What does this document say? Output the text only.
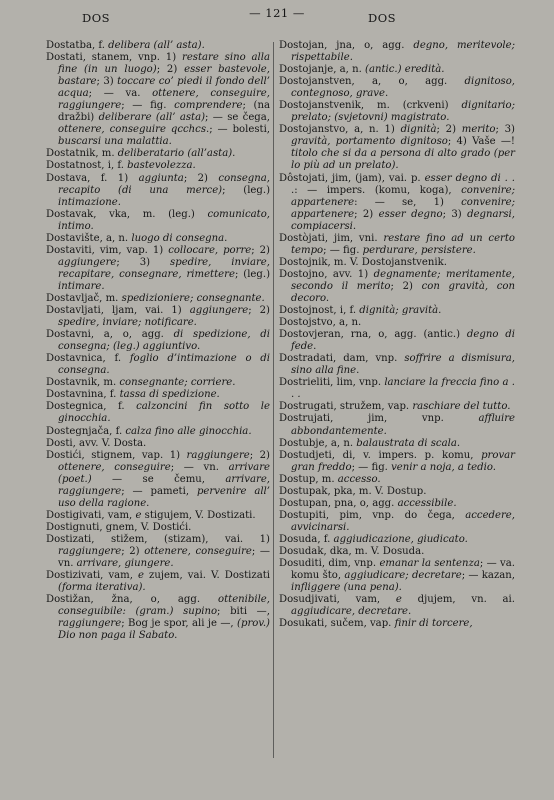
DOS	— 121 —	DOS
Dostatba, f. delibera (all’ asta).
Dostati, stanem, vnp. 1) restare sino alla fine (in un luogo); 2) esser bastevole, bastare; 3) toccare co’ piedi il fondo dell’ acqua; — va. ottenere, conseguire, raggiungere; — fig. comprendere; (na dražbi) deliberare (all’ asta); — se čega, ottenere, conseguire qcchcs.; — bolesti, buscarsi una malattia.
Dostatnik, m. deliberatario (all’asta).
Dostatnost, i, f. bastevolezza.
Dostava, f. 1) aggiunta; 2) consegna, recapito (di una merce); (leg.) intimazione.
Dostavak, vka, m. (leg.) comunicato, intimo.
Dostavište, a, n. luogo di consegna.
Dostaviti, vim, vap. 1) collocare, porre; 2) aggiungere; 3) spedire, inviare, recapitare, consegnare, rimettere; (leg.) intimare.
Dostavljač, m. spedizioniere; consegnante.
Dostavljati, ljam, vai. 1) aggiungere; 2) spedire, inviare; notificare.
Dostavni, a, o, agg. di spedizione, di consegna; (leg.) aggiuntivo.
Dostavnica, f. foglio d’intimazione o di consegna.
Dostavnik, m. consegnante; corriere.
Dostavnina, f. tassa di spedizione.
Dostegnica, f. calzoncini fin sotto le ginocchia.
Dostegnjača, f. calza fino alle ginocchia.
Dosti, avv. V. Dosta.
Dostići, stignem, vap. 1) raggiungere; 2) ottenere, conseguire; — vn. arrivare (poet.) — se čemu, arrivare, raggiungere; — pameti, pervenire all’ uso della ragione.
Dostigivati, vam, e stigujem, V. Dostizati.
Dostignuti, gnem, V. Dostići.
Dostizati, stižem, (stizam), vai. 1) raggiungere; 2) ottenere, conseguire; — vn. arrivare, giungere.
Dostizivati, vam, e zujem, vai. V. Dostizati (forma iterativa).
Dostižan, žna, o, agg. ottenibile, conseguibile: (gram.) supino; biti —, raggiungere; Bog je spor, ali je —, (prov.) Dio non paga il Sabato.
Dostojan, jna, o, agg. degno, meritevole; rispettabile.
Dostojanje, a, n. (antic.) eredità.
Dostojanstven, a, o, agg. dignitoso, contegnoso, grave.
Dostojanstvenik, m. (crkveni) dignitario; prelato; (svjetovni) magistrato.
Dostojanstvo, a, n. 1) dignità; 2) merito; 3) gravità, portamento dignitoso; 4) Vaše —! titolo che si da a persona di alto grado (per lo più ad un prelato).
Dôstojati, jim, (jam), vai. p. esser degno di . . .: — impers. (komu, koga), convenire; appartenere: — se, 1) convenire; appartenere; 2) esser degno; 3) degnarsi, compiacersi.
Dostòjati, jim, vni. restare fino ad un certo tempo; — fig. perdurare, persistere.
Dostojnik, m. V. Dostojanstvenik.
Dostojno, avv. 1) degnamente; meritamente, secondo il merito; 2) con gravità, con decoro.
Dostojnost, i, f. dignità; gravità.
Dostojstvo, a, n.
Dostovjeran, rna, o, agg. (antic.) degno di fede.
Dostradati, dam, vnp. soffrire a dismisura, sino alla fine.
Dostrieliti, lim, vnp. lanciare la freccia fino a . . .
Dostrugati, stružem, vap. raschiare del tutto.
Dostrujati, jim, vnp. affluire abbondantemente.
Dostubje, a, n. balaustrata di scala.
Dostudjeti, di, v. impers. p. komu, provar gran freddo; — fig. venir a noja, a tedio.
Dostup, m. accesso.
Dostupak, pka, m. V. Dostup.
Dostupan, pna, o, agg. accessibile.
Dostupiti, pim, vnp. do čega, accedere, avvicinarsi.
Dosuda, f. aggiudicazione, giudicato.
Dosudak, dka, m. V. Dosuda.
Dosuditi, dim, vnp. emanar la sentenza; — va. komu što, aggiudicare; decretare; — kazan, infliggere (una pena).
Dosudjivati, vam, e djujem, vn. ai. aggiudicare, decretare.
Dosukati, sučem, vap. finir di torcere,
